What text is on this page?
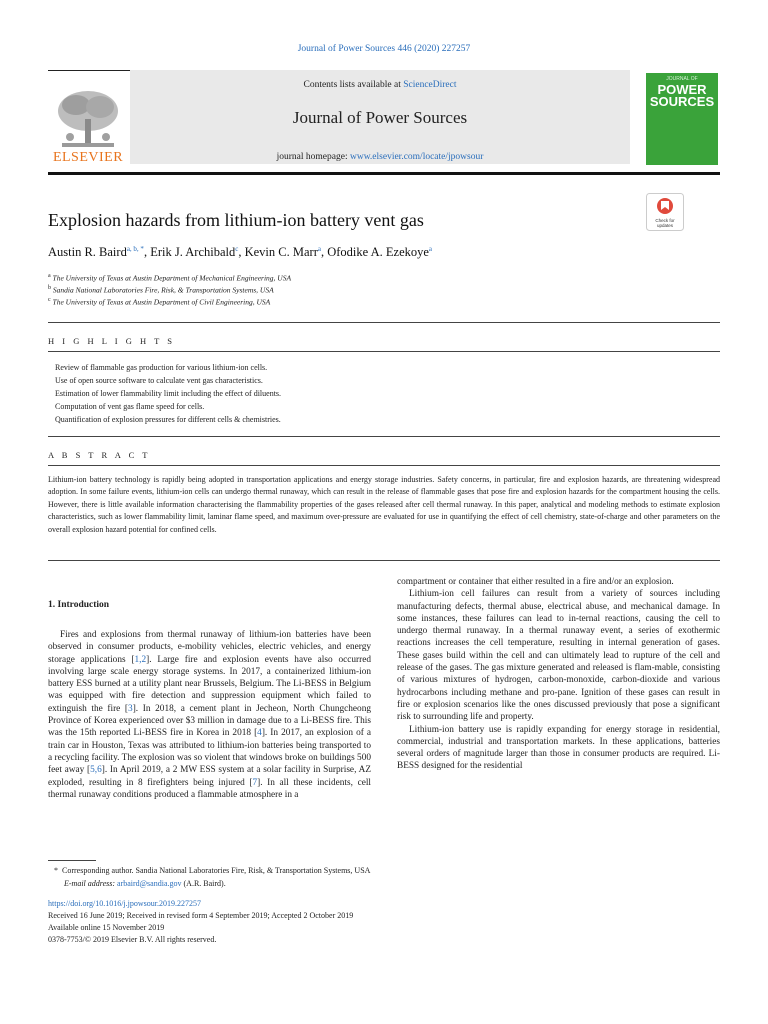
Journal of Power Sources 446 (2020) 227257
ELSEVIER
Contents lists available at ScienceDirect
Journal of Power Sources
journal homepage: www.elsevier.com/locate/jpowsour
JOURNAL OF
POWER
SOURCES
Check for
updates
Explosion hazards from lithium-ion battery vent gas
Austin R. Baird$^{a, b, *}$, Erik J. Archibald$^c$, Kevin C. Marr$^a$, Ofodike A. Ezekoye$^a$
$^a$ The University of Texas at Austin Department of Mechanical Engineering, USA
$^b$ Sandia National Laboratories Fire, Risk, & Transportation Systems, USA
$^c$ The University of Texas at Austin Department of Civil Engineering, USA
H I G H L I G H T S
Review of flammable gas production for various lithium-ion cells.
Use of open source software to calculate vent gas characteristics.
Estimation of lower flammability limit including the effect of diluents.
Computation of vent gas flame speed for cells.
Quantification of explosion pressures for different cells & chemistries.
A B S T R A C T
Lithium-ion battery technology is rapidly being adopted in transportation applications and energy storage industries. Safety concerns, in particular, fire and explosion hazards, are threatening widespread adoption. In some failure events, lithium-ion cells can undergo thermal runaway, which can result in the release of flammable gases that pose fire and explosion hazards for the compartment housing the cells. However, there is little available information characterising the flammability properties of the gases released after cell thermal runaway. In this paper, analytical and modeling methods to estimate explosion characteristics, such as lower flammability limit, laminar flame speed, and maximum over-pressure are evaluated for use in quantifying the effect of cell chemistry, state-of-charge and other parameters on the overall explosion hazard potential for confined cells.
1. Introduction

Fires and explosions from thermal runaway of lithium-ion batteries have been observed in consumer products, e-mobility vehicles, electric vehicles, and energy storage applications [1,2]. Large fire and explosion events have also occurred involving large scale energy storage systems. In 2017, a containerized lithium-ion battery ESS burned at a utility plant near Brussels, Belgium. The Li-BESS in Belgium was equipped with fire detection and suppression equipment which failed to extinguish the fire [3]. In 2018, a cement plant in Jecheon, North Chungcheong Province of Korea experienced over $3 million in damage due to a Li-BESS fire. This was the 15th reported Li-BESS fire in Korea in 2018 [4]. In 2017, an explosion of a train car in Houston, Texas was attributed to lithium-ion batteries being transported to a recycling facility. The explosion was so violent that windows broke on buildings 500 feet away [5,6]. In April 2019, a 2 MW ESS system at a solar facility in Surprise, AZ exploded, resulting in 8 firefighters being injured [7]. In all these incidents, cell thermal runaway conditions produced a flammable atmosphere in a

compartment or container that either resulted in a fire and/or an explosion.

Lithium-ion cell failures can result from a variety of sources including manufacturing defects, thermal abuse, electrical abuse, and mechanical damage. In some instances, these failures can lead to in-ternal reactions, causing the cell to undergo thermal runaway. In a thermal runaway event, a series of exothermic reactions increases the cell temperature, resulting in internal generation of gases. These gases build within the cell and can ultimately lead to rupture of the cell and release of the gases. The gas mixture generated and released is flam-mable, consisting of various mixtures of hydrogen, carbon-monoxide, carbon-dioxide and various hydrocarbons including methane and pro-pane. Ignition of these gases can result in fire or explosion scenarios like the ones discussed previously that pose a significant risk to surrounding life and property.

Lithium-ion battery use is rapidly expanding for energy storage in residential, commercial, industrial and transportation markets. In these applications, batteries several orders of magnitude larger than those in consumer products are required. Li-BESS designed for the residential

* Corresponding author. Sandia National Laboratories Fire, Risk, & Transportation Systems, USA
E-mail address: arbaird@sandia.gov (A.R. Baird).
https://doi.org/10.1016/j.jpowsour.2019.227257
Received 16 June 2019; Received in revised form 4 September 2019; Accepted 2 October 2019
Available online 15 November 2019
0378-7753/© 2019 Elsevier B.V. All rights reserved.
